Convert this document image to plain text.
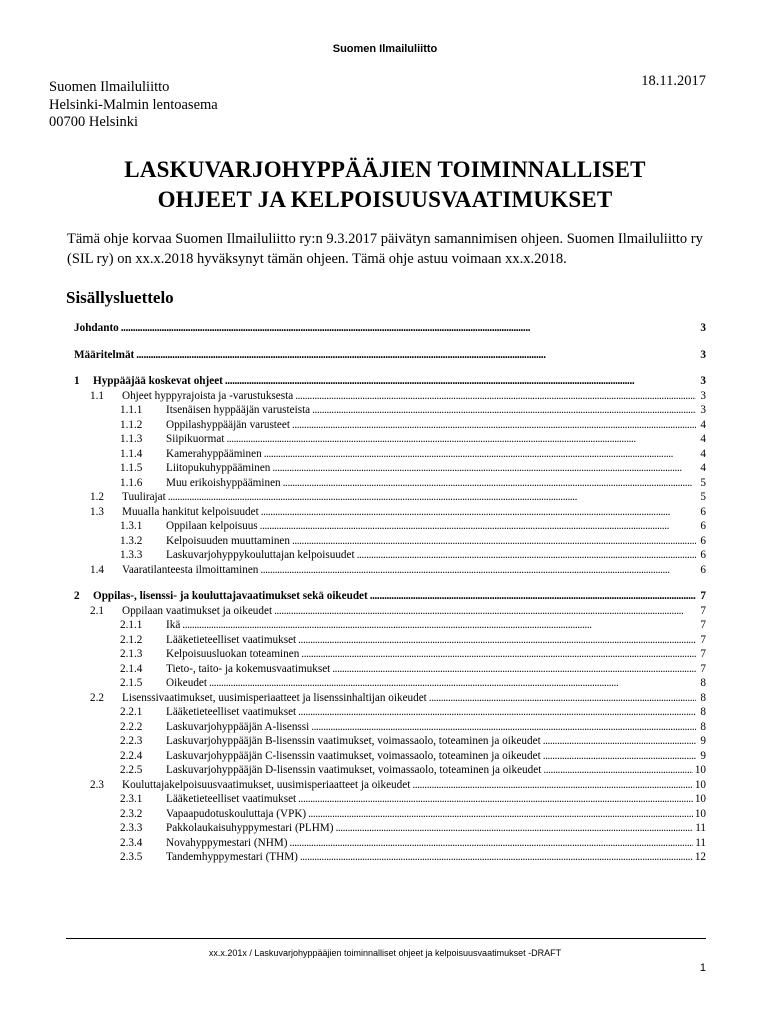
Suomen Ilmailuliitto
Suomen Ilmailuliitto
Helsinki-Malmin lentoasema
00700 Helsinki
18.11.2017
LASKUVARJOHYPPÄÄJIEN TOIMINNALLISET
OHJEET JA KELPOISUUSVAATIMUKSET
Tämä ohje korvaa Suomen Ilmailuliitto ry:n 9.3.2017 päivätyn samannimisen ohjeen. Suomen Ilmailuliitto ry (SIL ry) on xx.x.2018 hyväksynyt tämän ohjeen. Tämä ohje astuu voimaan xx.x.2018.
Sisällysluettelo
Johdanto . . .	3
Määritelmät . . .	3
1	Hyppääjää koskevat ohjeet . . .	3
1.1	Ohjeet hyppyrajoista ja -varustuksesta . . .	3
1.1.1	Itsenäisen hyppääjän varusteista . . .	3
1.1.2	Oppilashyppääjän varusteet . . .	4
1.1.3	Siipikuormat . . .	4
1.1.4	Kamerahyppääminen . . .	4
1.1.5	Liitopukuhyppääminen . . .	4
1.1.6	Muu erikoishyppääminen . . .	5
1.2	Tuulirajat . . .	5
1.3	Muualla hankitut kelpoisuudet . . .	6
1.3.1	Oppilaan kelpoisuus . . .	6
1.3.2	Kelpoisuuden muuttaminen . . .	6
1.3.3	Laskuvarjohyppykouluttajan kelpoisuudet . . .	6
1.4	Vaaratilanteesta ilmoittaminen . . .	6
2	Oppilas-, lisenssi- ja kouluttajavaatimukset sekä oikeudet . . .	7
2.1	Oppilaan vaatimukset ja oikeudet . . .	7
2.1.1	Ikä . . .	7
2.1.2	Lääketieteelliset vaatimukset . . .	7
2.1.3	Kelpoisuusluokan toteaminen . . .	7
2.1.4	Tieto-, taito- ja kokemusvaatimukset . . .	7
2.1.5	Oikeudet . . .	8
2.2	Lisenssivaatimukset, uusimisperiaatteet ja lisenssinhaltijan oikeudet . . .	8
2.2.1	Lääketieteelliset vaatimukset . . .	8
2.2.2	Laskuvarjohyppääjän A-lisenssi . . .	8
2.2.3	Laskuvarjohyppääjän B-lisenssin vaatimukset, voimassaolo, toteaminen ja oikeudet . . .	9
2.2.4	Laskuvarjohyppääjän C-lisenssin vaatimukset, voimassaolo, toteaminen ja oikeudet . . .	9
2.2.5	Laskuvarjohyppääjän D-lisenssin vaatimukset, voimassaolo, toteaminen ja oikeudet . . .	10
2.3	Kouluttajakelpoisuusvaatimukset, uusimisperiaatteet ja oikeudet . . .	10
2.3.1	Lääketieteelliset vaatimukset . . .	10
2.3.2	Vapaapudotuskouluttaja (VPK) . . .	10
2.3.3	Pakkolaukaisuhyppymestari (PLHM) . . .	11
2.3.4	Novahyppymestari (NHM) . . .	11
2.3.5	Tandemhyppymestari (THM) . . .	12
xx.x.201x / Laskuvarjohyppääjien toiminnalliset ohjeet ja kelpoisuusvaatimukset -DRAFT
1
